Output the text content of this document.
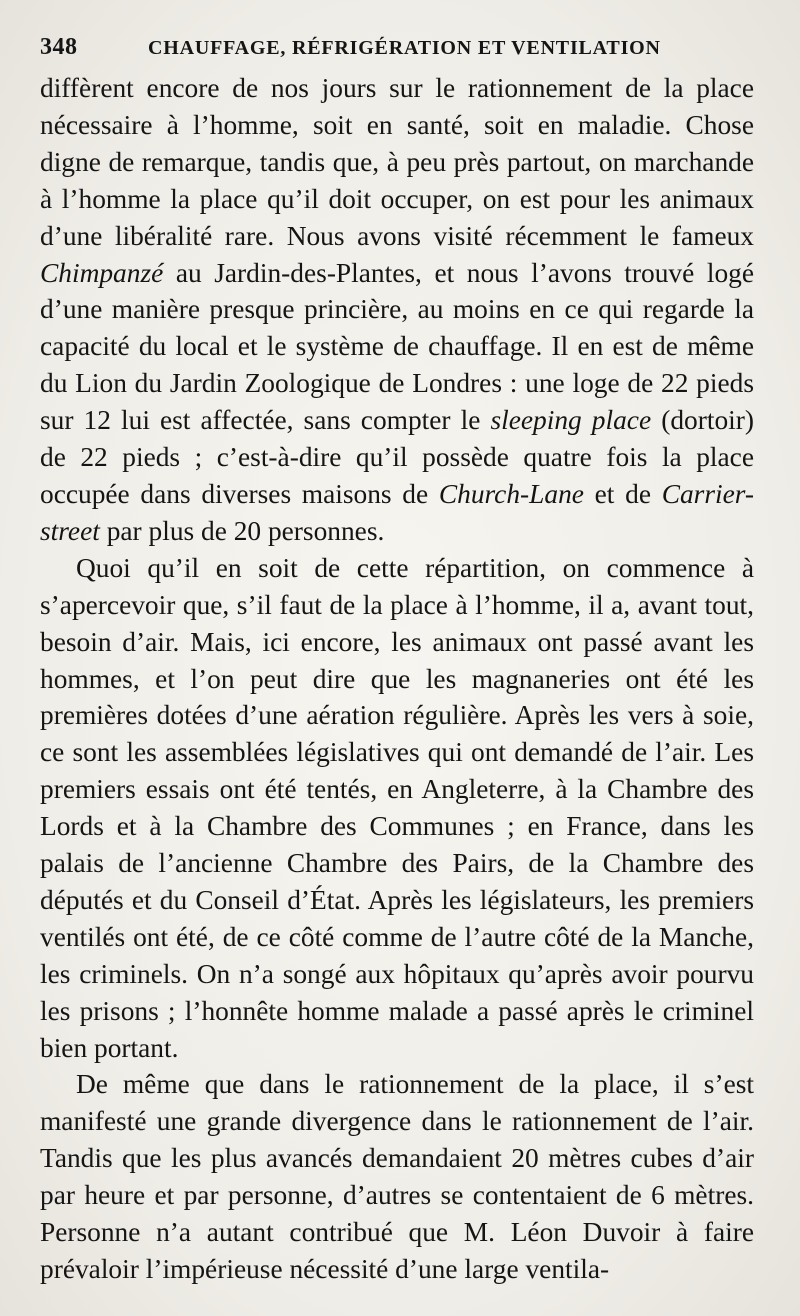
348	CHAUFFAGE, RÉFRIGÉRATION ET VENTILATION

diffèrent encore de nos jours sur le rationnement de la place nécessaire à l’homme, soit en santé, soit en maladie. Chose digne de remarque, tandis que, à peu près partout, on marchande à l’homme la place qu’il doit occuper, on est pour les animaux d’une libéralité rare. Nous avons visité récemment le fameux Chimpanzé au Jardin-des-Plantes, et nous l’avons trouvé logé d’une manière presque princière, au moins en ce qui regarde la capacité du local et le système de chauffage. Il en est de même du Lion du Jardin Zoologique de Londres : une loge de 22 pieds sur 12 lui est affectée, sans compter le sleeping place (dortoir) de 22 pieds ; c’est-à-dire qu’il possède quatre fois la place occupée dans diverses maisons de Church-Lane et de Carrier-street par plus de 20 personnes.

Quoi qu’il en soit de cette répartition, on commence à s’apercevoir que, s’il faut de la place à l’homme, il a, avant tout, besoin d’air. Mais, ici encore, les animaux ont passé avant les hommes, et l’on peut dire que les magnaneries ont été les premières dotées d’une aération régulière. Après les vers à soie, ce sont les assemblées législatives qui ont demandé de l’air. Les premiers essais ont été tentés, en Angleterre, à la Chambre des Lords et à la Chambre des Communes ; en France, dans les palais de l’ancienne Chambre des Pairs, de la Chambre des députés et du Conseil d’État. Après les législateurs, les premiers ventilés ont été, de ce côté comme de l’autre côté de la Manche, les criminels. On n’a songé aux hôpitaux qu’après avoir pourvu les prisons ; l’honnête homme malade a passé après le criminel bien portant.

De même que dans le rationnement de la place, il s’est manifesté une grande divergence dans le rationnement de l’air. Tandis que les plus avancés demandaient 20 mètres cubes d’air par heure et par personne, d’autres se contentaient de 6 mètres. Personne n’a autant contribué que M. Léon Duvoir à faire prévaloir l’impérieuse nécessité d’une large ventila-
